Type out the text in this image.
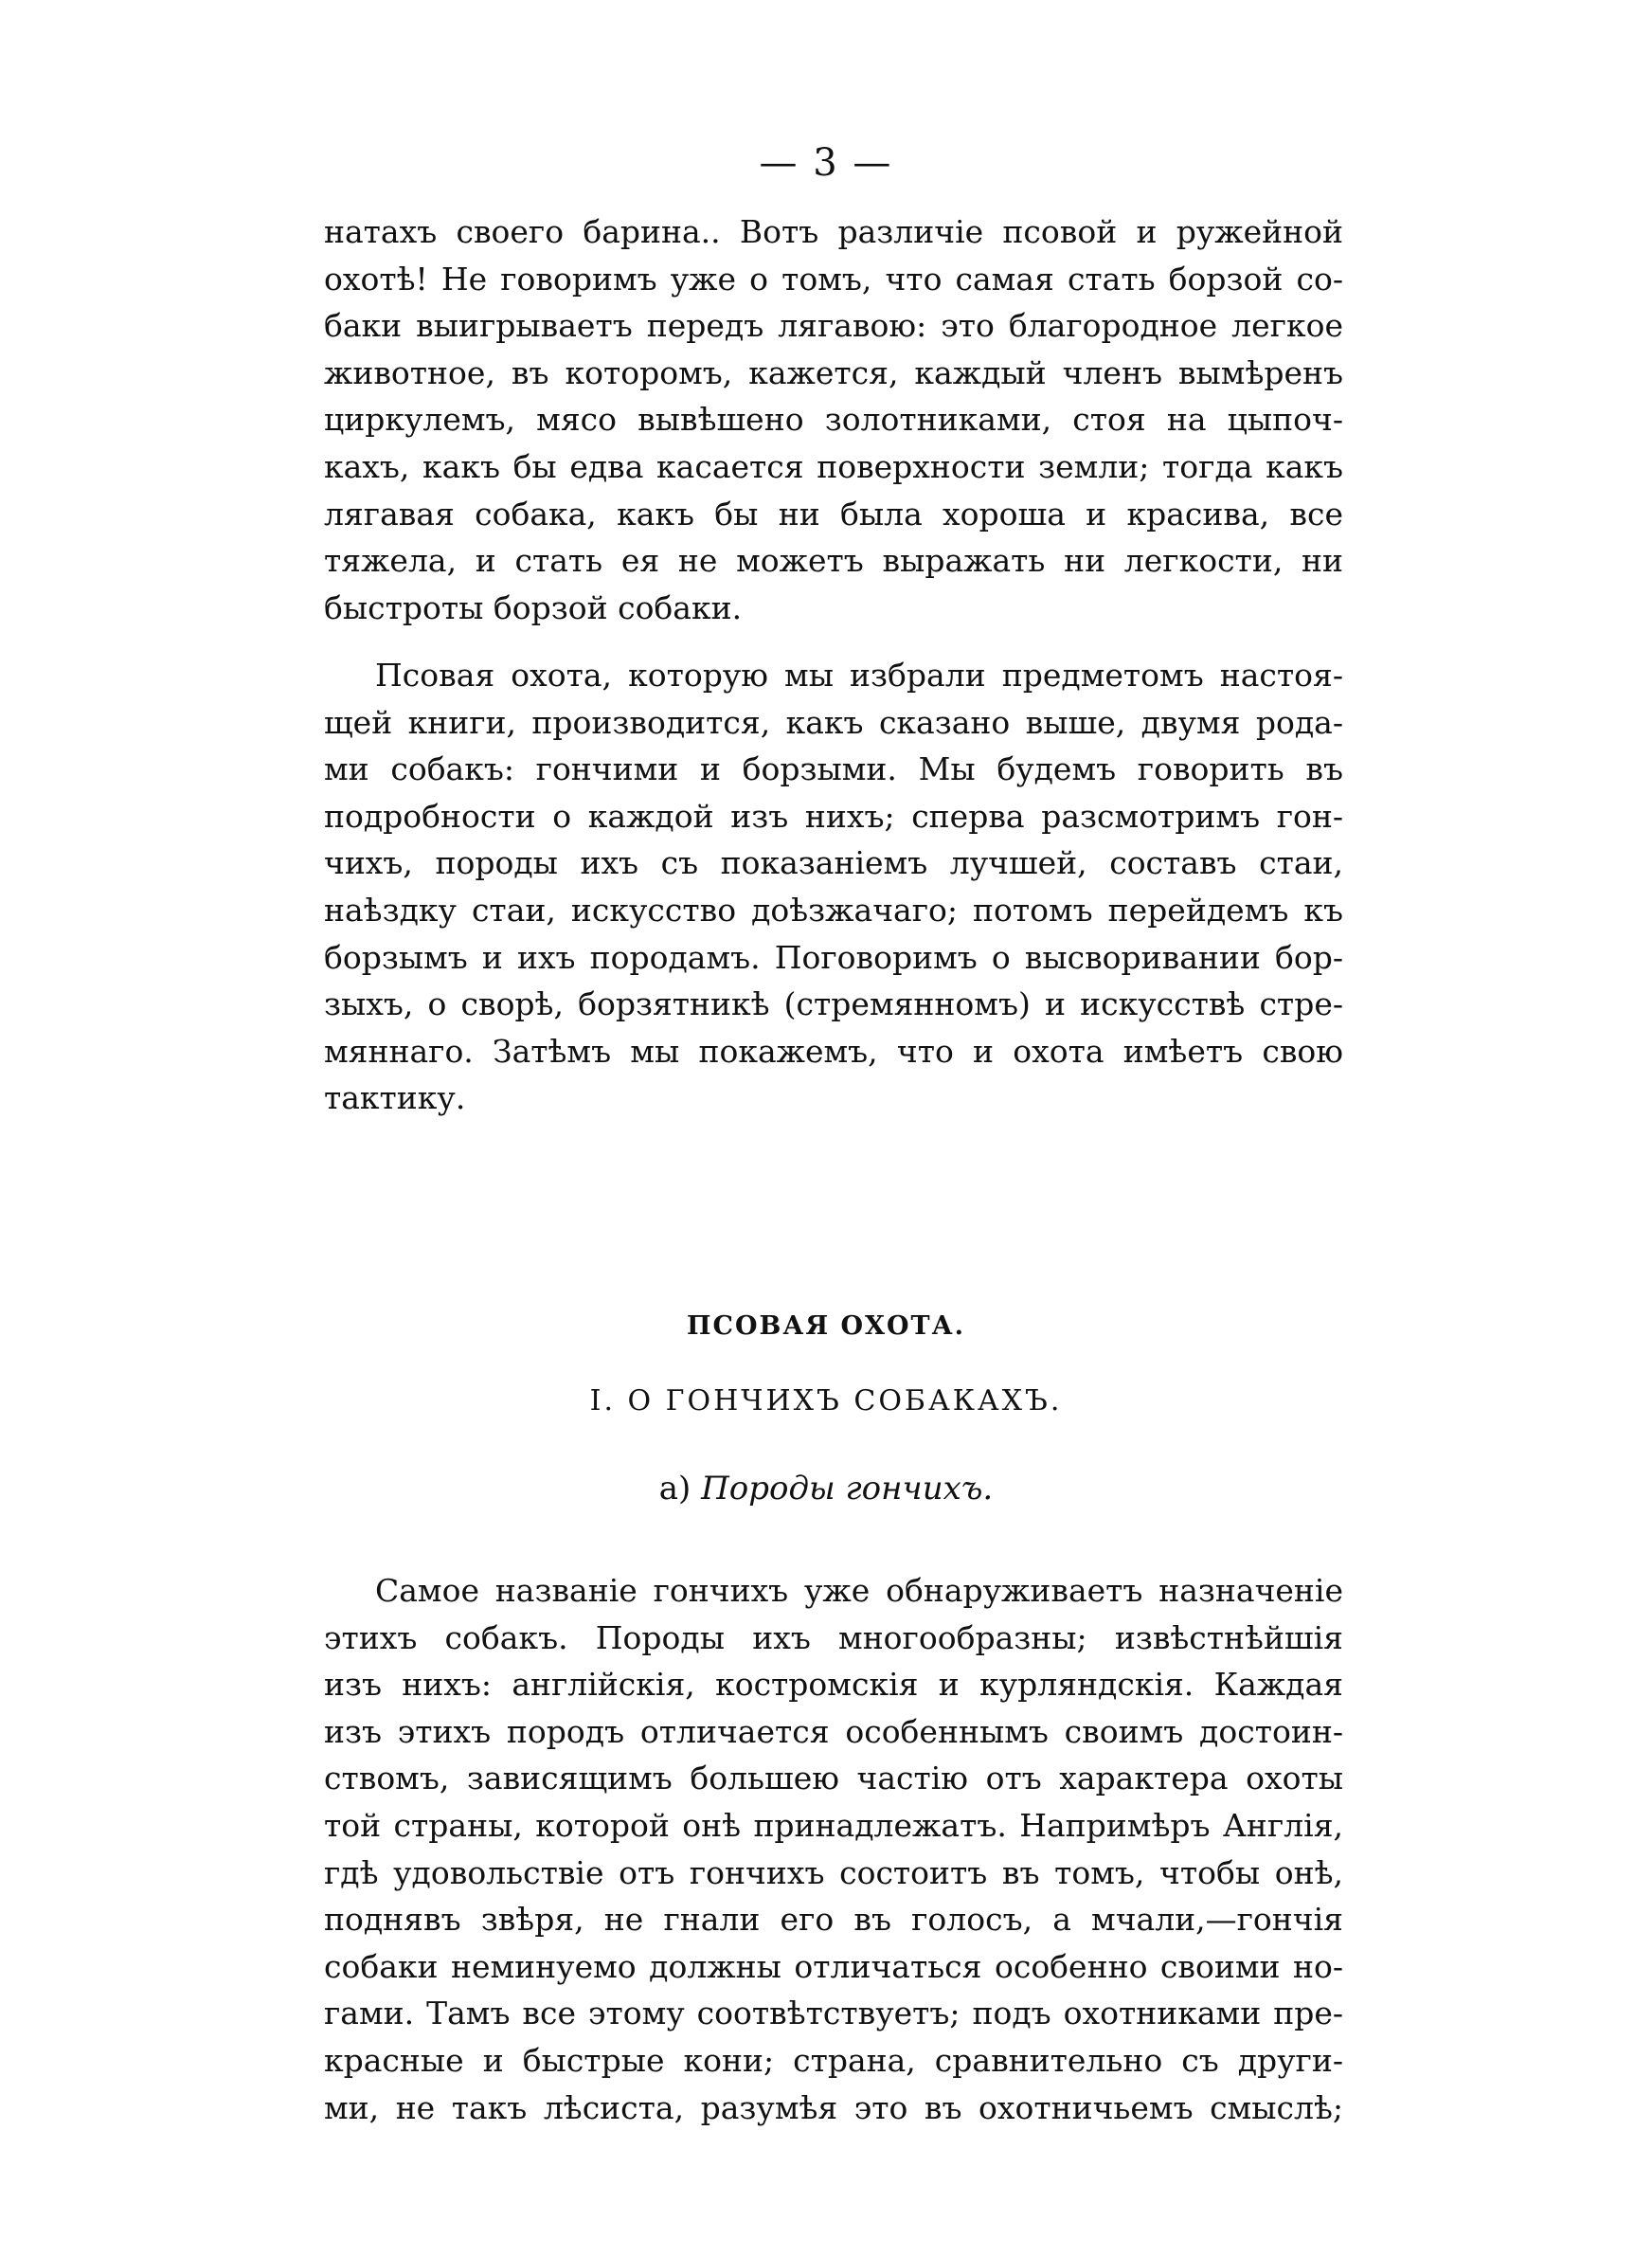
— 3 —
натахъ своего барина.. Вотъ различіе псовой и ружейной
охотѣ! Не говоримъ уже о томъ, что самая стать борзой со-
баки выигрываетъ передъ лягавою: это благородное легкое
животное, въ которомъ, кажется, каждый членъ вымѣренъ
циркулемъ, мясо вывѣшено золотниками, стоя на цыпоч-
кахъ, какъ бы едва касается поверхности земли; тогда какъ
лягавая собака, какъ бы ни была хороша и красива, все
тяжела, и стать ея не можетъ выражать ни легкости, ни
быстроты борзой собаки.
Псовая охота, которую мы избрали предметомъ настоя-
щей книги, производится, какъ сказано выше, двумя рода-
ми собакъ: гончими и борзыми. Мы будемъ говорить въ
подробности о каждой изъ нихъ; сперва разсмотримъ гон-
чихъ, породы ихъ съ показаніемъ лучшей, составъ стаи,
наѣздку стаи, искусство доѣзжачаго; потомъ перейдемъ къ
борзымъ и ихъ породамъ. Поговоримъ о высворивании бор-
зыхъ, о сворѣ, борзятникѣ (стремянномъ) и искусствѣ стре-
мяннаго. Затѣмъ мы покажемъ, что и охота имѣетъ свою
тактику.
ПСОВАЯ ОХОТА.
I. О ГОНЧИХЪ СОБАКАХЪ.
а) Породы гончихъ.
Самое названіе гончихъ уже обнаруживаетъ назначеніе
этихъ собакъ. Породы ихъ многообразны; извѣстнѣйшія
изъ нихъ: англійскія, костромскія и курляндскія. Каждая
изъ этихъ породъ отличается особеннымъ своимъ достоин-
ствомъ, зависящимъ большею частію отъ характера охоты
той страны, которой онѣ принадлежатъ. Напримѣръ Англія,
гдѣ удовольствіе отъ гончихъ состоитъ въ томъ, чтобы онѣ,
поднявъ звѣря, не гнали его въ голосъ, а мчали,—гончія
собаки неминуемо должны отличаться особенно своими но-
гами. Тамъ все этому соотвѣтствуетъ; подъ охотниками пре-
красные и быстрые кони; страна, сравнительно съ други-
ми, не такъ лѣсиста, разумѣя это въ охотничьемъ смыслѣ;
